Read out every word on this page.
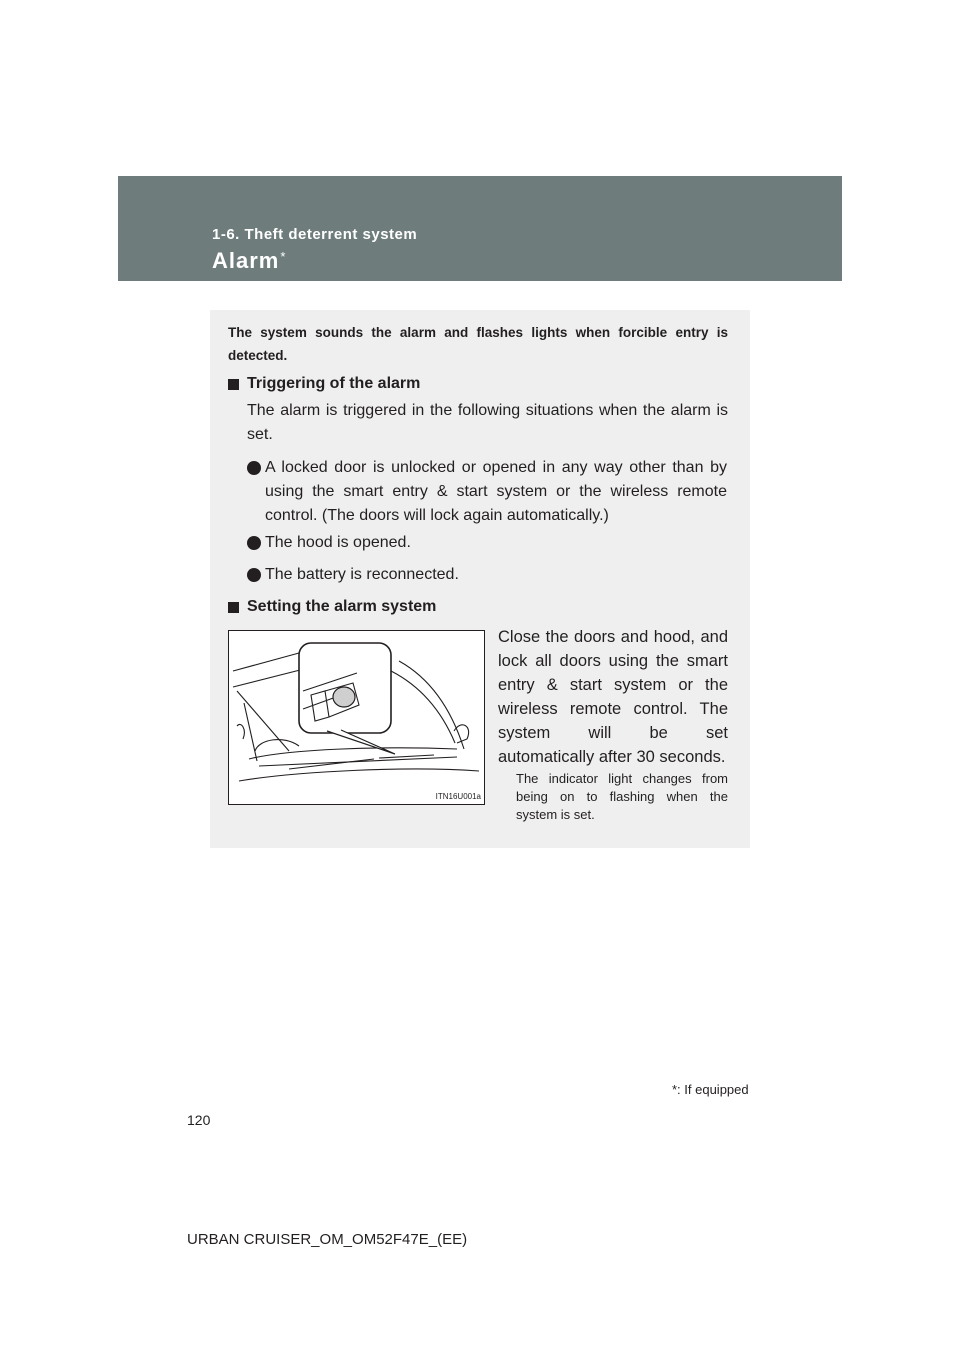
1-6. Theft deterrent system
Alarm*
The system sounds the alarm and flashes lights when forcible entry is detected.
Triggering of the alarm
The alarm is triggered in the following situations when the alarm is set.
A locked door is unlocked or opened in any way other than by using the smart entry & start system or the wireless remote control. (The doors will lock again automatically.)
The hood is opened.
The battery is reconnected.
Setting the alarm system
ITN16U001a
Close the doors and hood, and lock all doors using the smart entry & start system or the wireless remote control. The system will be set automatically after 30 seconds.
The indicator light changes from being on to flashing when the system is set.
*: If equipped
120
URBAN CRUISER_OM_OM52F47E_(EE)
